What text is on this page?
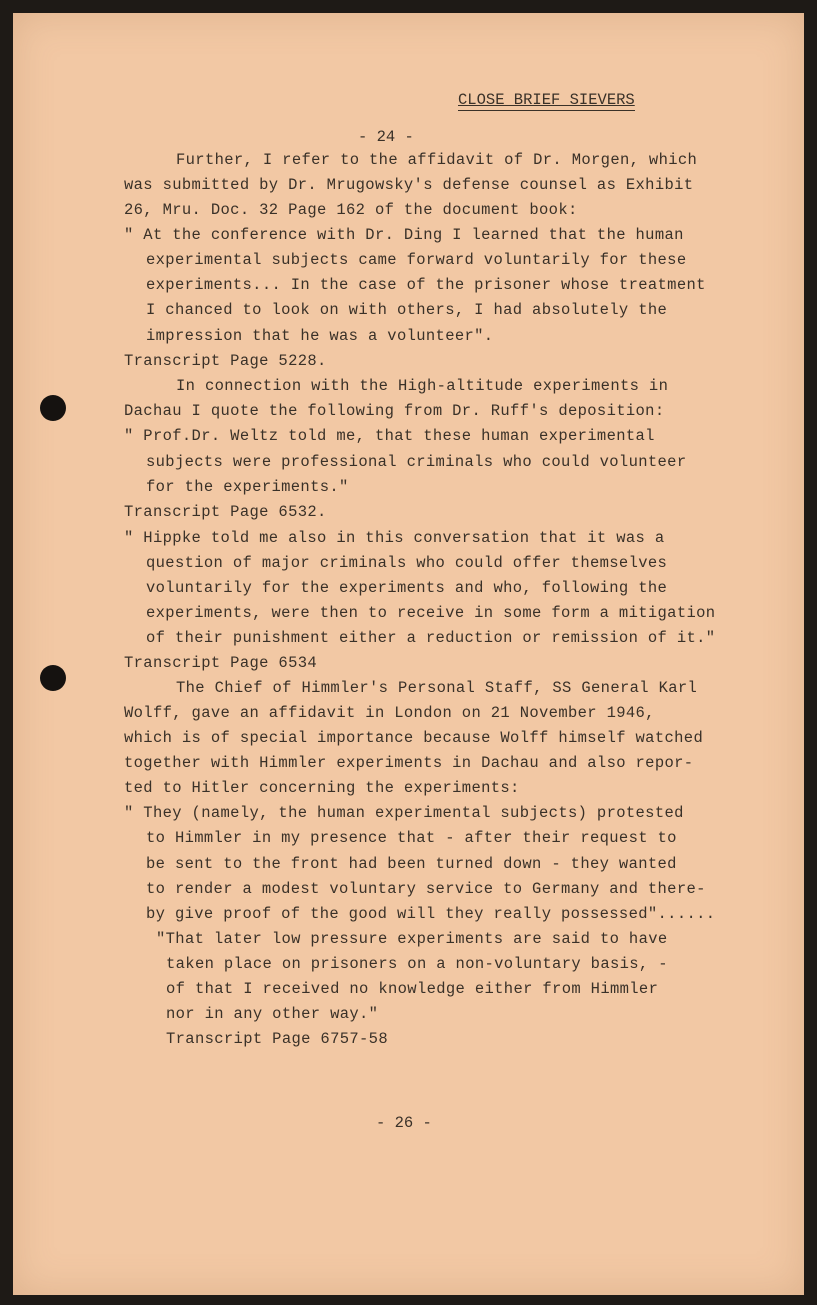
CLOSE BRIEF SIEVERS
- 24 -
Further, I refer to the affidavit of Dr. Morgen, which
was submitted by Dr. Mrugowsky's defense counsel as Exhibit
26, Mru. Doc. 32 Page 162 of the document book:
" At the conference with Dr. Ding I learned that the human
experimental subjects came forward voluntarily for these
experiments... In the case of the prisoner whose treatment
I chanced to look on with others, I had absolutely the
impression that he was a volunteer".
Transcript Page 5228.
In connection with the High-altitude experiments in
Dachau I quote the following from Dr. Ruff's deposition:
" Prof.Dr. Weltz told me, that these human experimental
subjects were professional criminals who could volunteer
for the experiments."
Transcript Page 6532.
" Hippke told me also in this conversation that it was a
question of major criminals who could offer themselves
voluntarily for the experiments and who, following the
experiments, were then to receive in some form a mitigation
of their punishment either a reduction or remission of it."
Transcript Page 6534
The Chief of Himmler's Personal Staff, SS General Karl
Wolff, gave an affidavit in London on 21 November 1946,
which is of special importance because Wolff himself watched
together with Himmler experiments in Dachau and also repor-
ted to Hitler concerning the experiments:
" They (namely, the human experimental subjects) protested
to Himmler in my presence that - after their request to
be sent to the front had been turned down - they wanted
to render a modest voluntary service to Germany and there-
by give proof of the good will they really possessed"......
"That later low pressure experiments are said to have
taken place on prisoners on a non-voluntary basis, -
of that I received no knowledge either from Himmler
nor in any other way."
Transcript Page 6757-58
- 26 -
